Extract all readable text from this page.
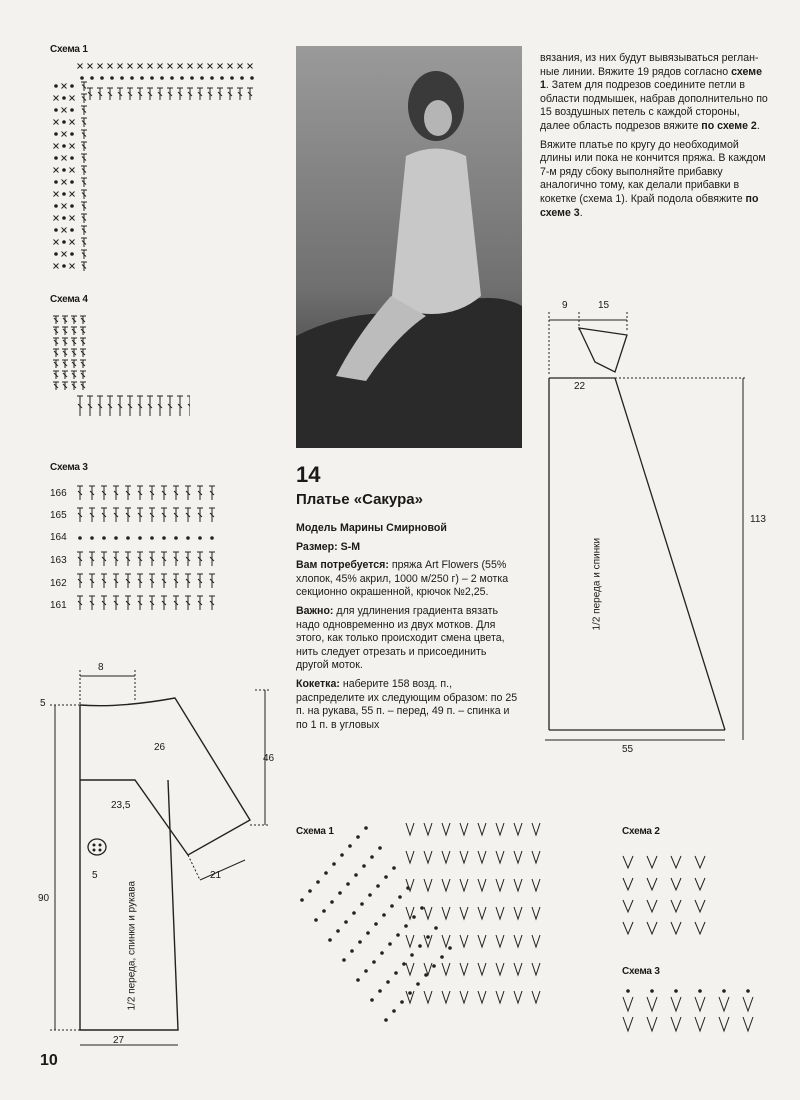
Схема 1
Схема 4
Схема 3
166
165
164
163
162
161
8
5
26
46
23,5
5	21
90
27
1/2 переда, спинки и рукава
14
Платье «Сакура»

Модель Марины Смирновой

Размер: S-M

Вам потребуется: пряжа Art Flowers (55% хлопок, 45% акрил, 1000 м/250 г) – 2 мотка секционно окрашенной, крючок №2,25.

Важно: для удлинения градиента вязать надо одновременно из двух мотков. Для этого, как только происходит смена цвета, нить следует отрезать и присоединить другой моток.

Кокетка: наберите 158 возд. п., распределите их следующим образом: по 25 п. на рукава, 55 п. – перед, 49 п. – спинка и по 1 п. в угловых

вязания, из них будут вывязываться регланные линии. Вяжите 19 рядов согласно схеме 1. Затем для подрезов соедините петли в области подмышек, набрав дополнительно по 15 воздушных петель с каждой стороны, далее область подрезов вяжите по схеме 2.

Вяжите платье по кругу до необходимой длины или пока не кончится пряжа. В каждом 7-м ряду сбоку выполняйте прибавку аналогично тому, как делали прибавки в кокетке (схема 1). Край подола обвяжите по схеме 3.

9	15
22
113
55
1/2 переда и спинки
Схема 1	Схема 2
Схема 3
10
